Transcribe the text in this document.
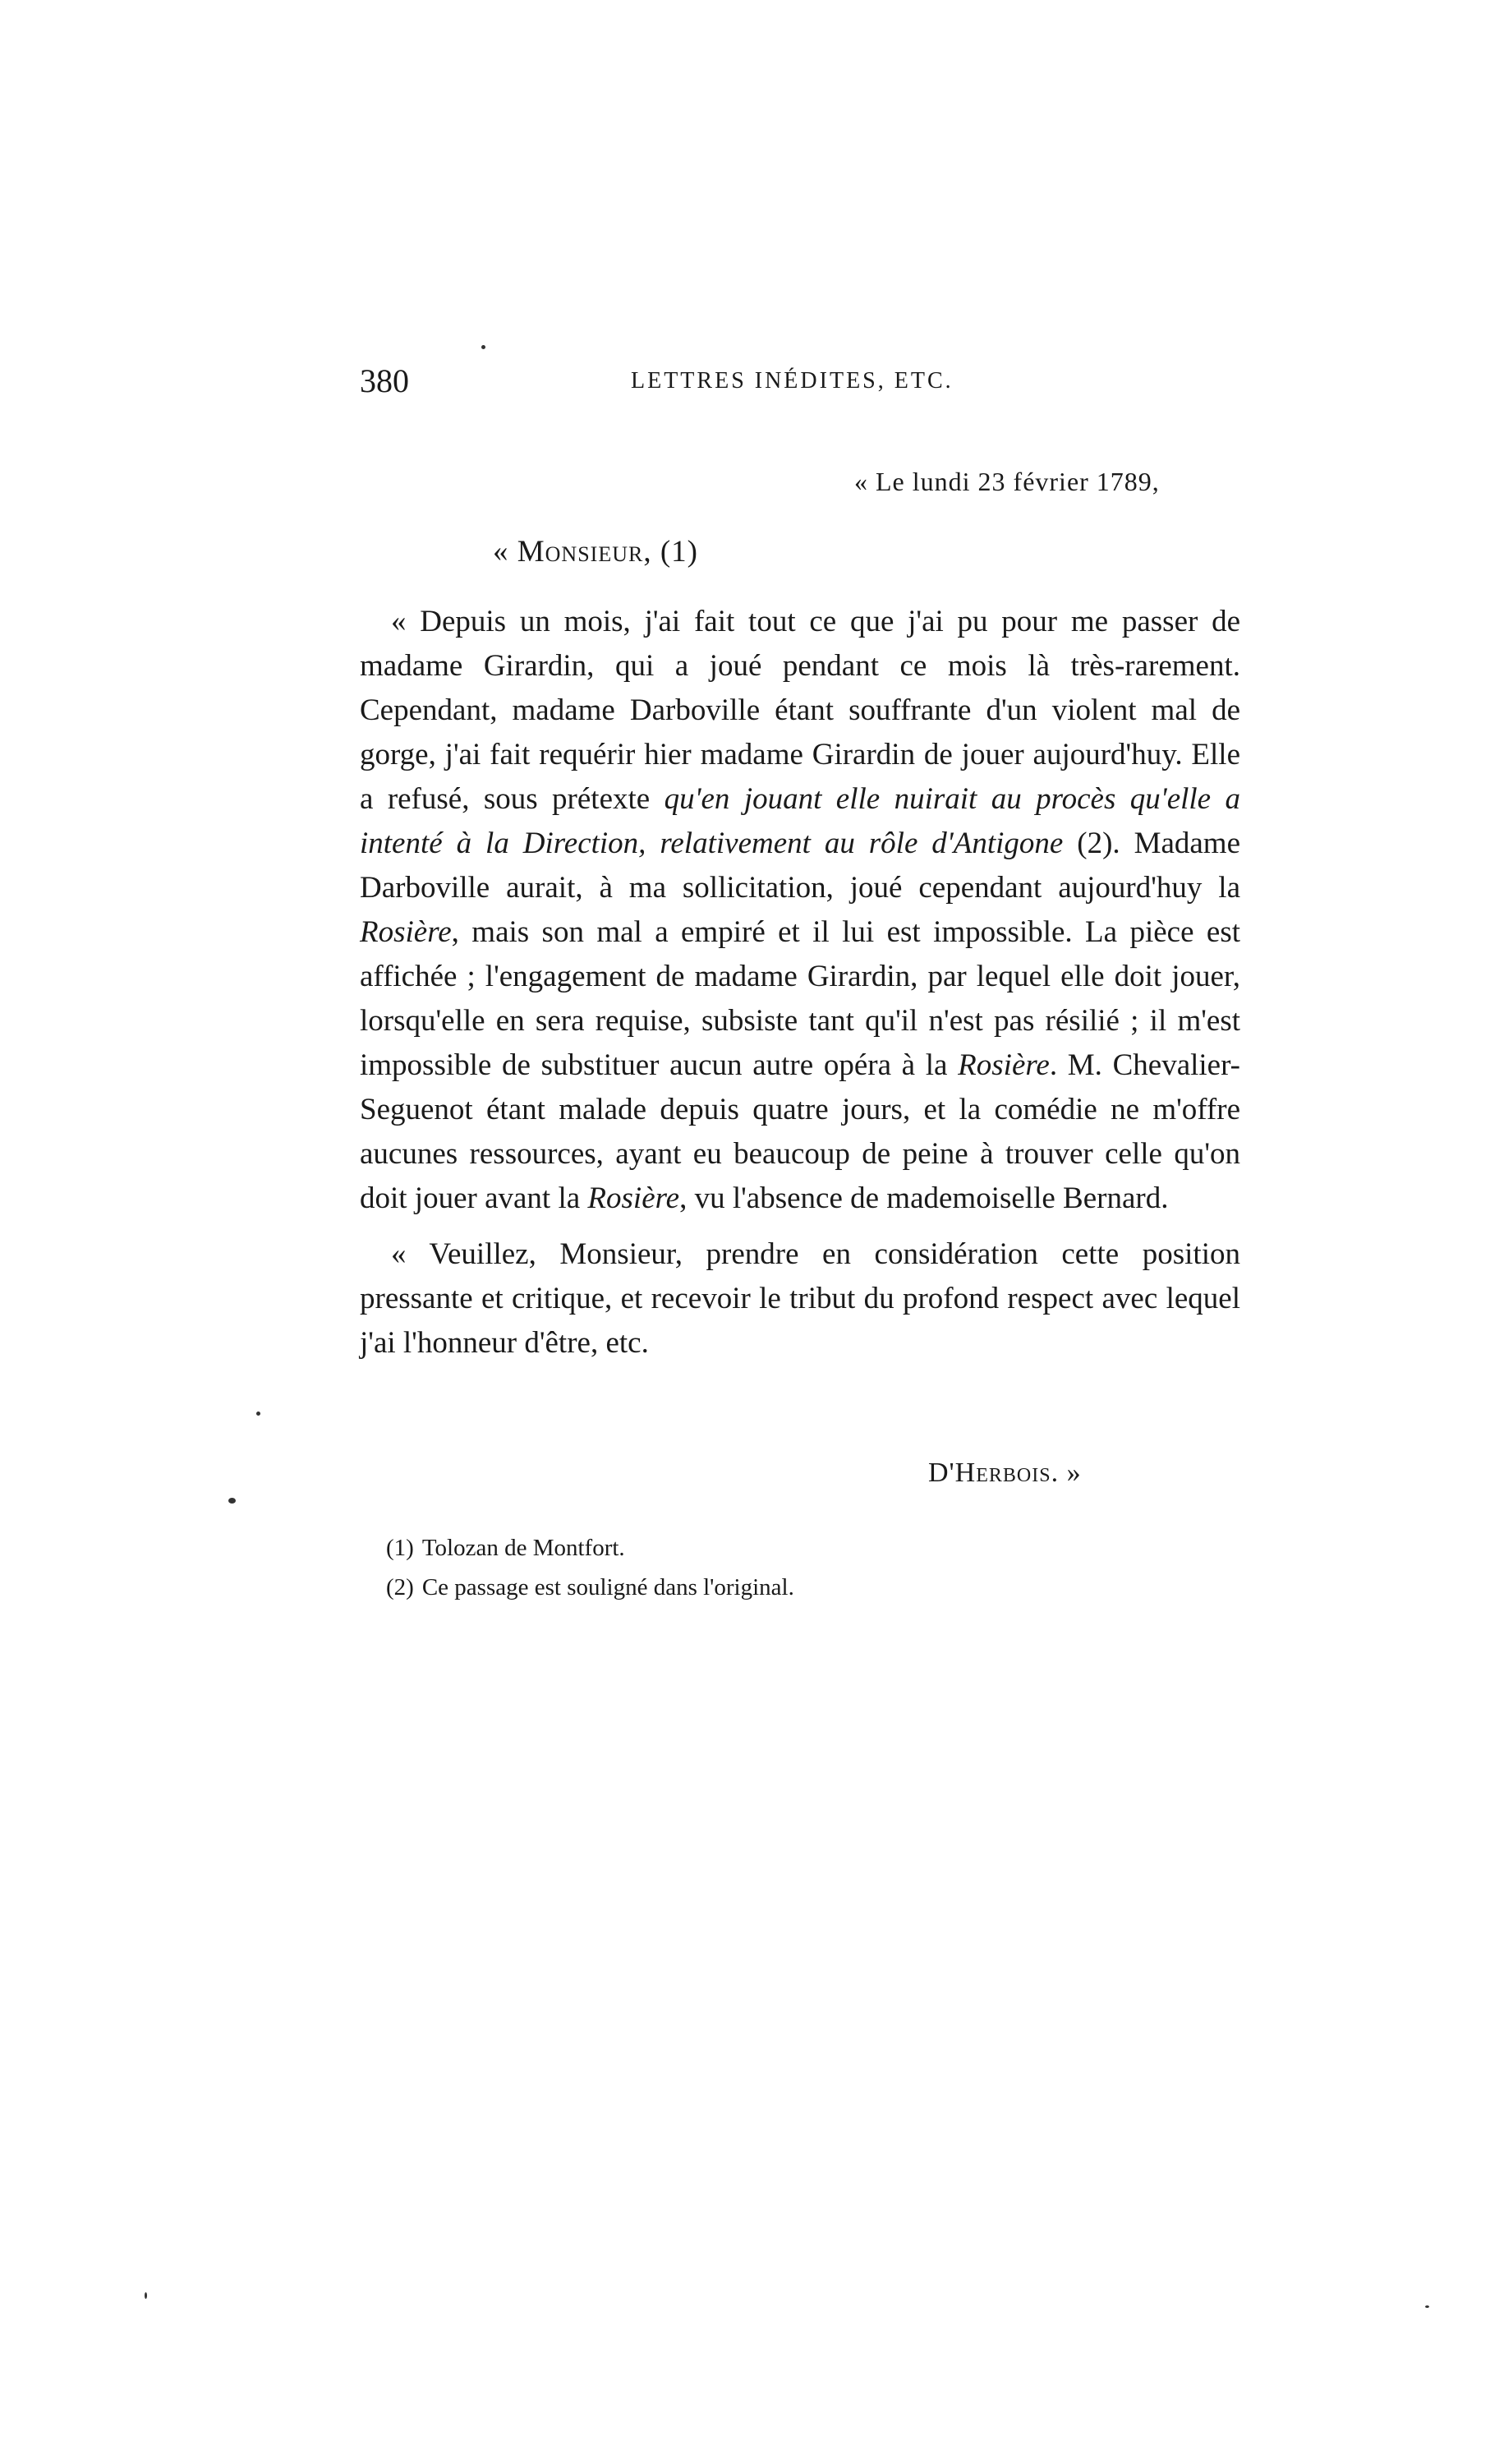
380	LETTRES INÉDITES, ETC.
« Le lundi 23 février 1789,
« Monsieur, (1)

« Depuis un mois, j'ai fait tout ce que j'ai pu pour me passer de madame Girardin, qui a joué pendant ce mois là très-rarement. Cependant, madame Darboville étant souffrante d'un violent mal de gorge, j'ai fait requérir hier madame Girardin de jouer aujourd'huy. Elle a refusé, sous prétexte qu'en jouant elle nuirait au procès qu'elle a intenté à la Direction, relativement au rôle d'Antigone (2). Madame Darboville aurait, à ma sollicitation, joué cependant aujourd'huy la Rosière, mais son mal a empiré et il lui est impossible. La pièce est affichée ; l'engagement de madame Girardin, par lequel elle doit jouer, lorsqu'elle en sera requise, subsiste tant qu'il n'est pas résilié ; il m'est impossible de substituer aucun autre opéra à la Rosière. M. Chevalier-Seguenot étant malade depuis quatre jours, et la comédie ne m'offre aucunes ressources, ayant eu beaucoup de peine à trouver celle qu'on doit jouer avant la Rosière, vu l'absence de mademoiselle Bernard.

« Veuillez, Monsieur, prendre en considération cette position pressante et critique, et recevoir le tribut du profond respect avec lequel j'ai l'honneur d'être, etc.

D'Herbois. »
(1) Tolozan de Montfort.
(2) Ce passage est souligné dans l'original.
